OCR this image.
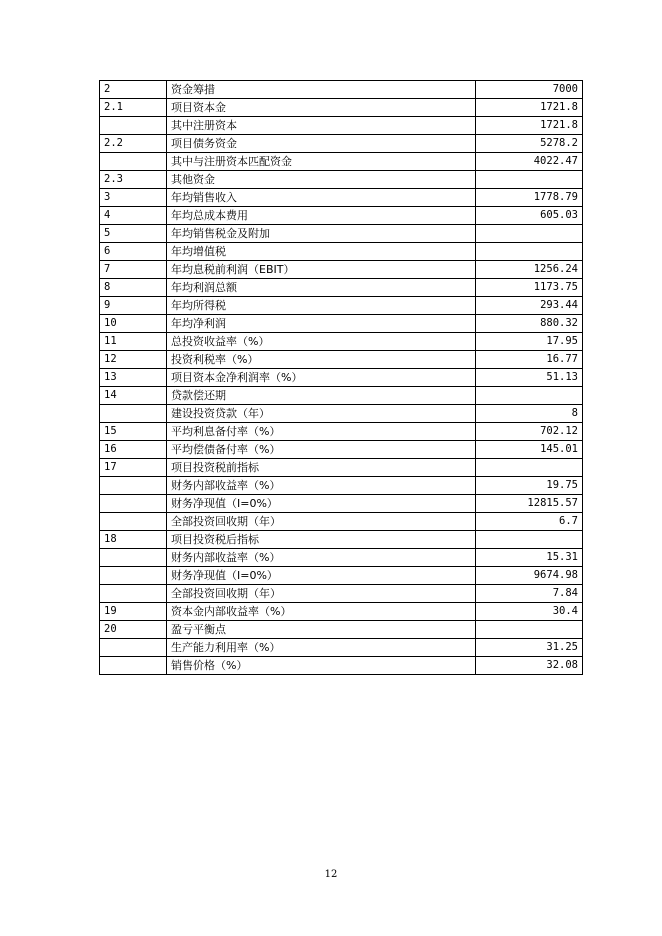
2	资金筹措	7000
2.1	项目资本金	1721.8
	其中注册资本	1721.8
2.2	项目债务资金	5278.2
	其中与注册资本匹配资金	4022.47
2.3	其他资金	
3	年均销售收入	1778.79
4	年均总成本费用	605.03
5	年均销售税金及附加	
6	年均增值税	
7	年均息税前利润（EBIT）	1256.24
8	年均利润总额	1173.75
9	年均所得税	293.44
10	年均净利润	880.32
11	总投资收益率（%）	17.95
12	投资利税率（%）	16.77
13	项目资本金净利润率（%）	51.13
14	贷款偿还期	
	建设投资贷款（年）	8
15	平均利息备付率（%）	702.12
16	平均偿债备付率（%）	145.01
17	项目投资税前指标	
	财务内部收益率（%）	19.75
	财务净现值（I=0%）	12815.57
	全部投资回收期（年）	6.7
18	项目投资税后指标	
	财务内部收益率（%）	15.31
	财务净现值（I=0%）	9674.98
	全部投资回收期（年）	7.84
19	资本金内部收益率（%）	30.4
20	盈亏平衡点	
	生产能力利用率（%）	31.25
	销售价格（%）	32.08
12
